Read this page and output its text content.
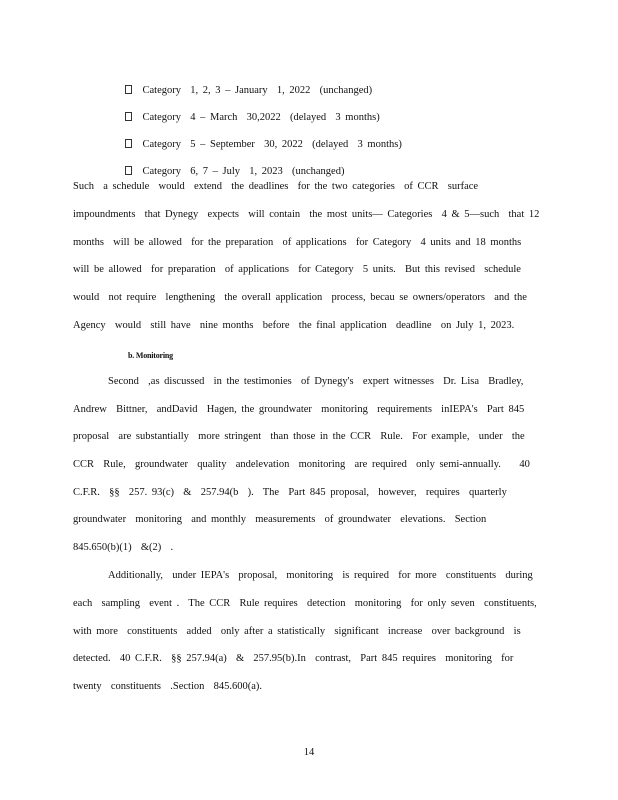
Category  1, 2, 3 – January  1, 2022  (unchanged)

Category  4 – March  30,2022  (delayed  3 months)

Category  5 – September  30, 2022  (delayed  3 months)

Category  6, 7 – July  1, 2023  (unchanged)

Such  a schedule  would  extend  the deadlines  for the two categories  of CCR  surface
impoundments  that Dynegy  expects  will contain  the most units— Categories  4 & 5—such  that 12
months  will be allowed  for the preparation  of applications  for Category  4 units and 18 months
will be allowed  for preparation  of applications  for Category  5 units.  But this revised  schedule
would  not require  lengthening  the overall application  process, becau se owners/operators  and the
Agency  would  still have  nine months  before  the final application  deadline  on July 1, 2023.
b. Monitoring
Second  ,as discussed  in the testimonies  of Dynegy's  expert witnesses  Dr. Lisa  Bradley,
Andrew  Bittner,  andDavid  Hagen, the groundwater  monitoring  requirements  inIEPA's  Part 845
proposal  are substantially  more stringent  than those in the CCR  Rule.  For example,  under  the
CCR  Rule,  groundwater  quality  andelevation  monitoring  are required  only semi-annually.    40
C.F.R.  §§  257. 93(c)  &  257.94(b  ).  The  Part 845 proposal,  however,  requires  quarterly
groundwater  monitoring  and monthly  measurements  of groundwater  elevations.  Section
845.650(b)(1)  &(2)  .
Additionally,  under IEPA's  proposal,  monitoring  is required  for more  constituents  during
each  sampling  event .  The CCR  Rule requires  detection  monitoring  for only seven  constituents,
with more  constituents  added  only after a statistically  significant  increase  over background  is
detected.  40 C.F.R.  §§ 257.94(a)  &  257.95(b).In  contrast,  Part 845 requires  monitoring  for
twenty  constituents  .Section  845.600(a).
14
